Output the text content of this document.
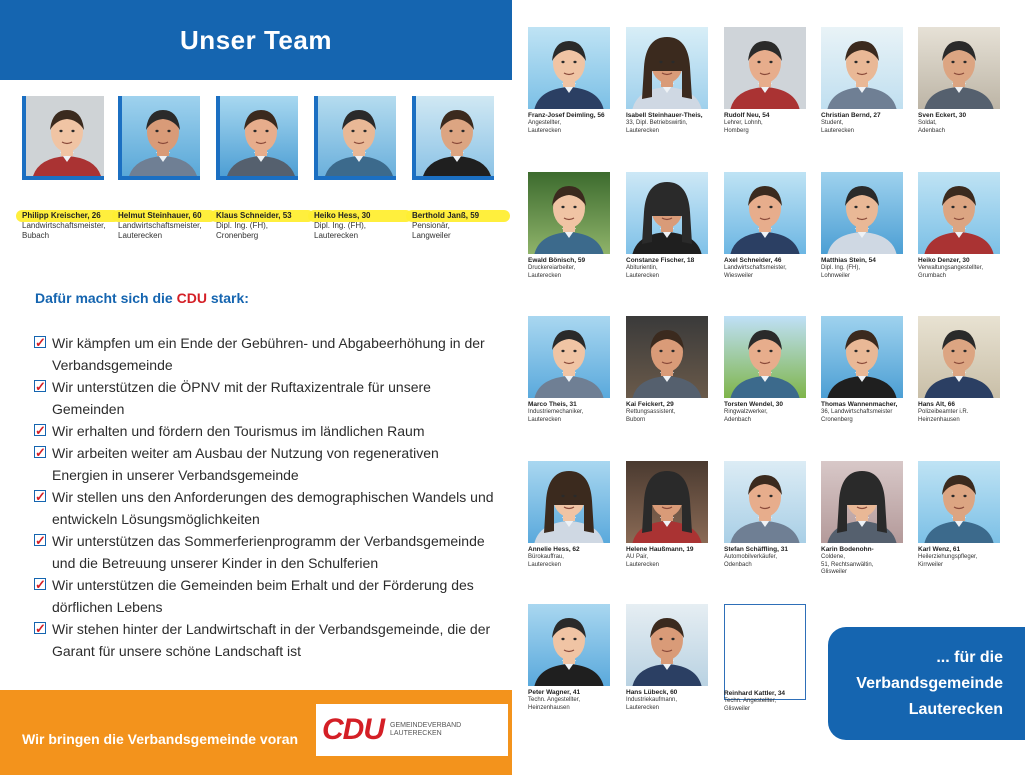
Unser Team
Philipp Kreischer, 26
Landwirtschaftsmeister,
Bubach
Helmut Steinhauer, 60
Landwirtschaftsmeister,
Lauterecken
Klaus Schneider, 53
Dipl. Ing. (FH),
Cronenberg
Heiko Hess, 30
Dipl. Ing. (FH),
Lauterecken
Berthold Janß, 59
Pensionär,
Langweiler
Dafür macht sich die CDU stark:
✓
Wir kämpfen um ein Ende der Gebühren- und Abgabeerhöhung in der Verbandsgemeinde
✓
Wir unterstützen die ÖPNV mit der Ruftaxizentrale für unsere Gemeinden
✓
Wir erhalten und fördern den Tourismus im ländlichen Raum
✓
Wir arbeiten weiter am Ausbau der Nutzung von regenerativen Energien in unserer Verbandsgemeinde
✓
Wir stellen uns den Anforderungen des demographischen Wandels und entwickeln Lösungsmöglichkeiten
✓
Wir unterstützen das Sommerferienprogramm der Verbandsgemeinde und die Betreuung unserer Kinder in den Schulferien
✓
Wir unterstützen die Gemeinden beim Erhalt und der Förderung des dörflichen Lebens
✓
Wir stehen hinter der Landwirtschaft in der Verbandsgemeinde, die der Garant für unsere schöne Landschaft ist
Wir bringen die Verbandsgemeinde voran CDU GEMEINDEVERBAND
LAUTERECKEN
Franz-Josef Deimling, 56
Angestellter,
Lauterecken
Isabell Steinhauer-Theis,
33, Dipl. Betriebswirtin,
Lauterecken
Rudolf Neu, 54
Lehrer, Lohnh,
Homberg
Christian Bernd, 27
Student,
Lauterecken
Sven Eckert, 30
Soldat,
Adenbach
Ewald Bönisch, 59
Druckereiarbeiter,
Lauterecken
Constanze Fischer, 18
Abiturientin,
Lauterecken
Axel Schneider, 46
Landwirtschaftsmeister,
Wiesweiler
Matthias Stein, 54
Dipl. Ing. (FH),
Lohnweiler
Heiko Denzer, 30
Verwaltungsangestellter,
Grumbach
Marco Theis, 31
Industriemechaniker,
Lauterecken
Kai Feickert, 29
Rettungsassistent,
Buborn
Torsten Wendel, 30
Ringwalzwerker,
Adenbach
Thomas Wannenmacher,
36, Landwirtschaftsmeister
Cronenberg
Hans Alt, 66
Polizeibeamter i.R.
Heinzenhausen
Annelie Hess, 62
Bürokauffrau,
Lauterecken
Helene Haußmann, 19
AU Pair,
Lauterecken
Stefan Schäffling, 31
Automobilverkäufer,
Odenbach
Karin Bodenohn-
Coldene,
51, Rechtsanwältin,
Glisweiler
Karl Wenz, 61
Heilerziehungspfleger,
Kirrweiler
Peter Wagner, 41
Techn. Angestellter,
Heinzenhausen
Hans Lübeck, 60
Industriekaufmann,
Lauterecken
Reinhard Kattler, 34
Techn. Angestellter,
Glisweiler
... für die
Verbandsgemeinde
Lauterecken
